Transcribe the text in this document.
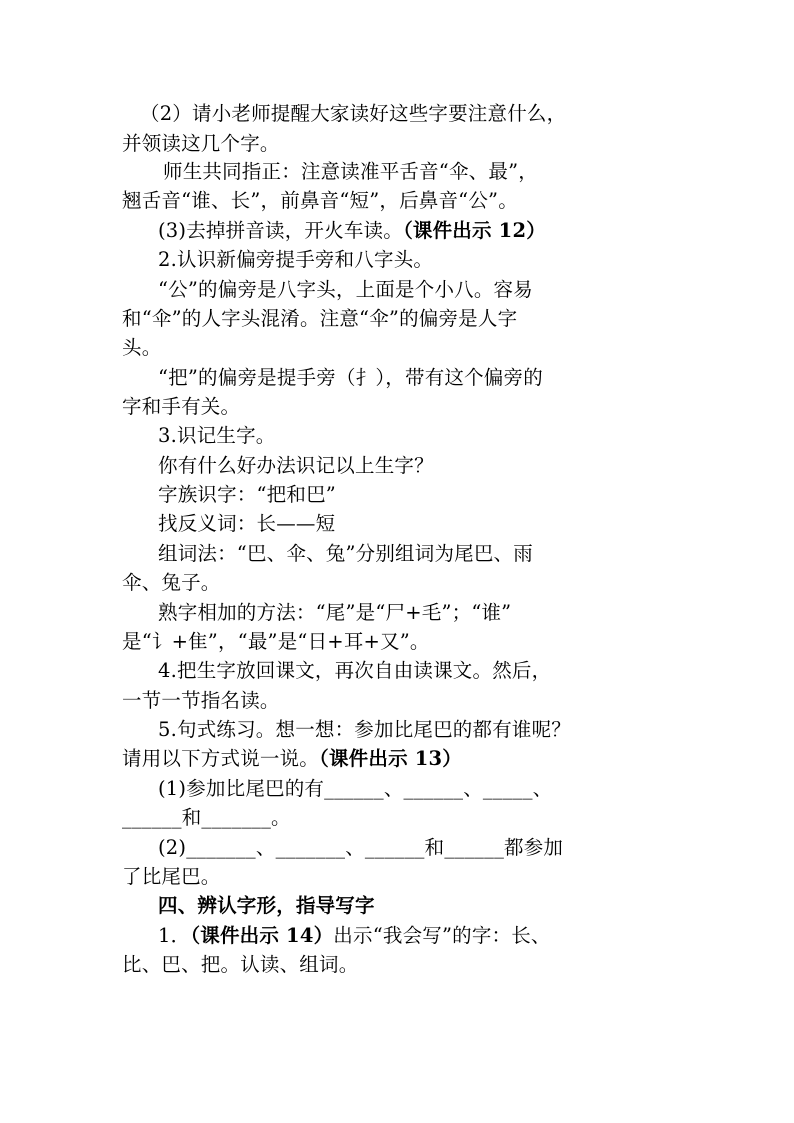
（2）请小老师提醒大家读好这些字要注意什么，
并领读这几个字。
师生共同指正：注意读准平舌音“伞、最”，
翘舌音“谁、长”，前鼻音“短”，后鼻音“公”。
(3)去掉拼音读，开火车读。（课件出示 12）
2.认识新偏旁提手旁和八字头。
“公”的偏旁是八字头，上面是个小八。容易
和“伞”的人字头混淆。注意“伞”的偏旁是人字
头。
“把”的偏旁是提手旁（扌），带有这个偏旁的
字和手有关。
3.识记生字。
你有什么好办法识记以上生字？
字族识字：“把和巴”
找反义词：长——短
组词法：“巴、伞、兔”分别组词为尾巴、雨
伞、兔子。
熟字相加的方法：“尾”是“尸+毛”；“谁”
是“讠+隹”，“最”是“日+耳+又”。
4.把生字放回课文，再次自由读课文。然后，
一节一节指名读。
5.句式练习。想一想：参加比尾巴的都有谁呢？
请用以下方式说一说。（课件出示 13）
(1)参加比尾巴的有______、______、_____、
______和_______。
(2)_______、_______、______和______都参加
了比尾巴。
四、辨认字形，指导写字
1．（课件出示 14）出示“我会写”的字：长、
比、巴、把。认读、组词。
